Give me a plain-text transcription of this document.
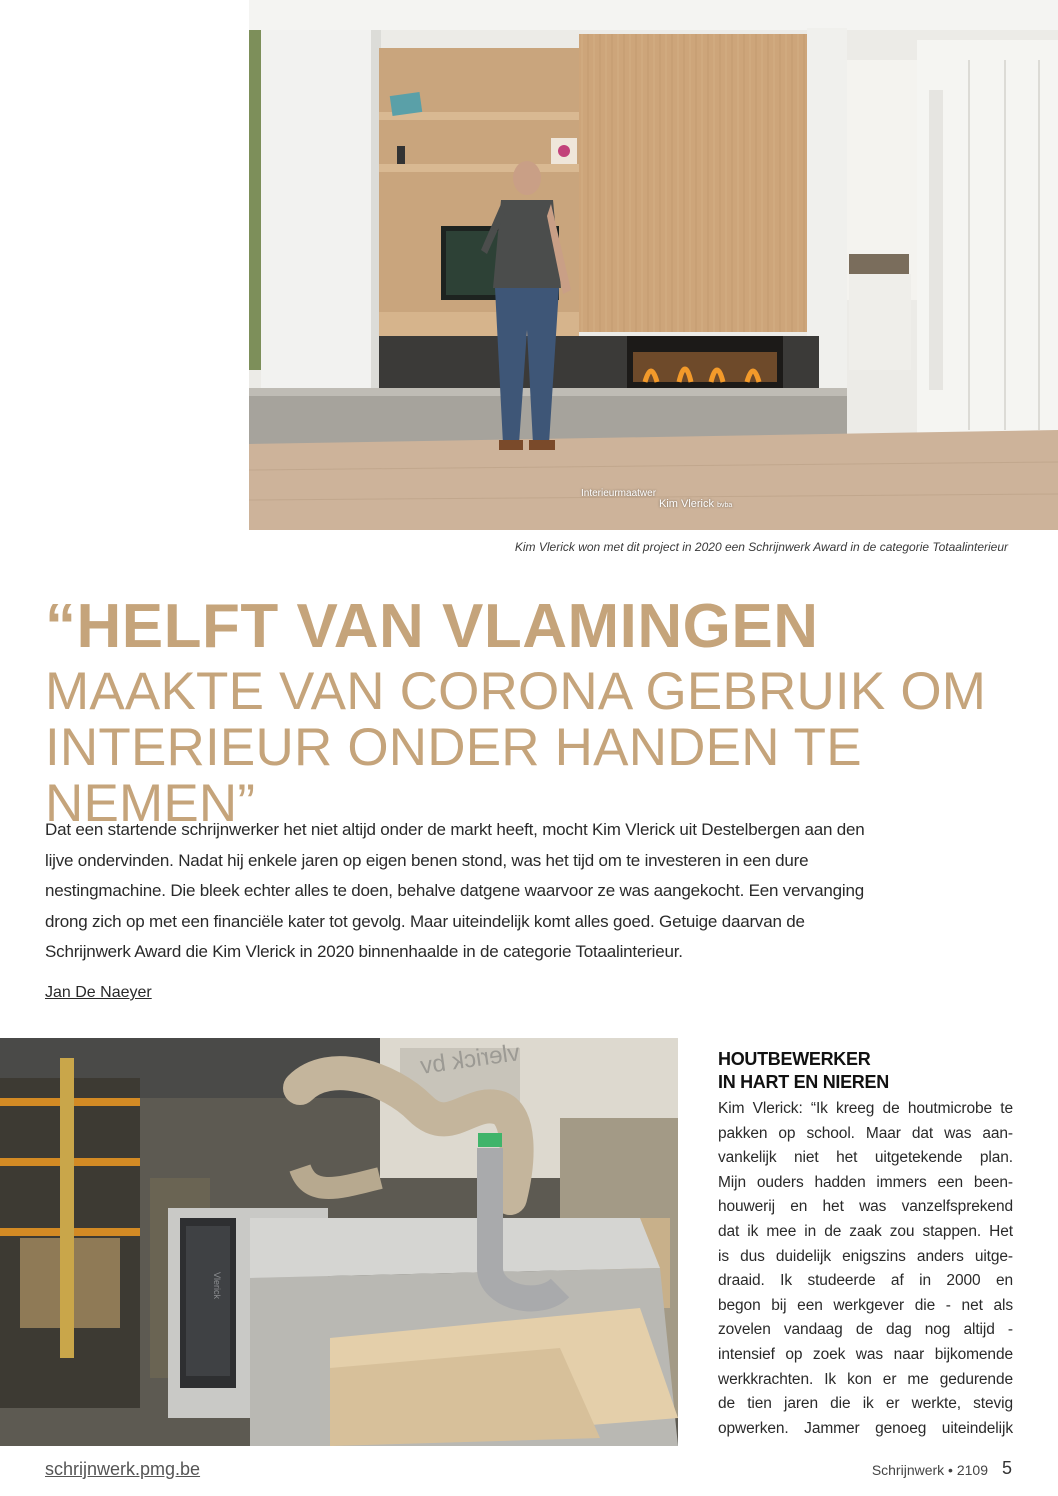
Interieurmaatwer
Kim Vlerick bvba
Kim Vlerick won met dit project in 2020 een Schrijnwerk Award in de categorie Totaalinterieur
“HELFT VAN VLAMINGEN
MAAKTE VAN CORONA GEBRUIK OM
INTERIEUR ONDER HANDEN TE NEMEN”

Dat een startende schrijnwerker het niet altijd onder de markt heeft, mocht Kim Vlerick uit Destelbergen aan den lijve ondervinden. Nadat hij enkele jaren op eigen benen stond, was het tijd om te investeren in een dure nestingmachine. Die bleek echter alles te doen, behalve datgene waarvoor ze was aangekocht. Een vervanging drong zich op met een financiële kater tot gevolg. Maar uiteindelijk komt alles goed. Getuige daarvan de Schrijnwerk Award die Kim Vlerick in 2020 binnenhaalde in de categorie Totaalinterieur.

Jan De Naeyer
vlerick bv
Vlerick
HOUTBEWERKER
IN HART EN NIEREN
Kim Vlerick: “Ik kreeg de houtmicrobe te
pakken op school. Maar dat was aan-
vankelijk niet het uitgetekende plan.
Mijn ouders hadden immers een been-
houwerij en het was vanzelfsprekend
dat ik mee in de zaak zou stappen. Het
is dus duidelijk enigszins anders uitge-
draaid. Ik studeerde af in 2000 en
begon bij een werkgever die - net als
zovelen vandaag de dag nog altijd -
intensief op zoek was naar bijkomende
werkkrachten. Ik kon er me gedurende
de tien jaren die ik er werkte, stevig
opwerken. Jammer genoeg uiteindelijk
schrijnwerk.pmg.be	Schrijnwerk • 2109 5
